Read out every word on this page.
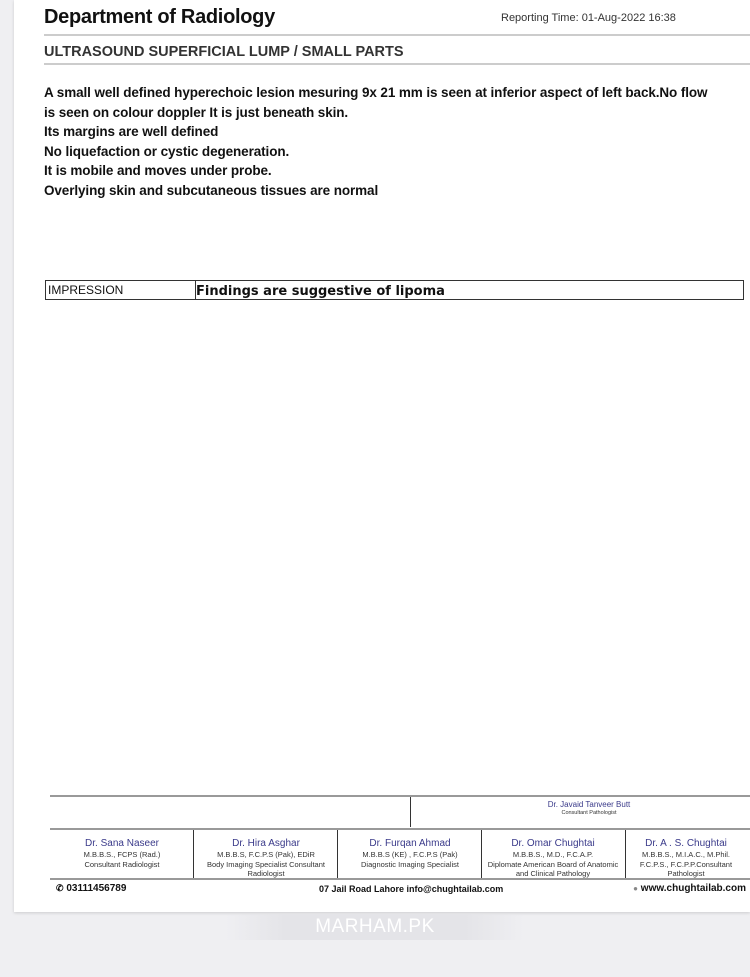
Department of Radiology	Reporting Time: 01-Aug-2022 16:38
ULTRASOUND SUPERFICIAL LUMP / SMALL PARTS
A small well defined hyperechoic lesion mesuring 9x 21 mm is seen at inferior aspect of left back.No flow
is seen on colour doppler It is just beneath skin.
Its margins are well defined
No liquefaction or cystic degeneration.
It is mobile and moves under probe.
Overlying skin and subcutaneous tissues are normal
IMPRESSION	Findings are suggestive of lipoma
Dr. Javaid Tanveer Butt
Consultant Pathologist
Dr. Sana Naseer
M.B.B.S., FCPS (Rad.)
Consultant Radiologist
Dr. Hira Asghar
M.B.B.S, F.C.P.S (Pak), EDiR
Body Imaging Specialist Consultant Radiologist
Dr. Furqan Ahmad
M.B.B.S (KE) , F.C.P.S (Pak)
Diagnostic Imaging Specialist
Dr. Omar Chughtai
M.B.B.S., M.D., F.C.A.P.
Diplomate American Board of Anatomic and Clinical Pathology
Dr. A . S. Chughtai
M.B.B.S., M.I.A.C., M.Phil.
F.C.P.S., F.C.P.P.Consultant Pathologist
✆ 03111456789	07 Jail Road Lahore info@chughtailab.com	● www.chughtailab.com
MARHAM.PK
